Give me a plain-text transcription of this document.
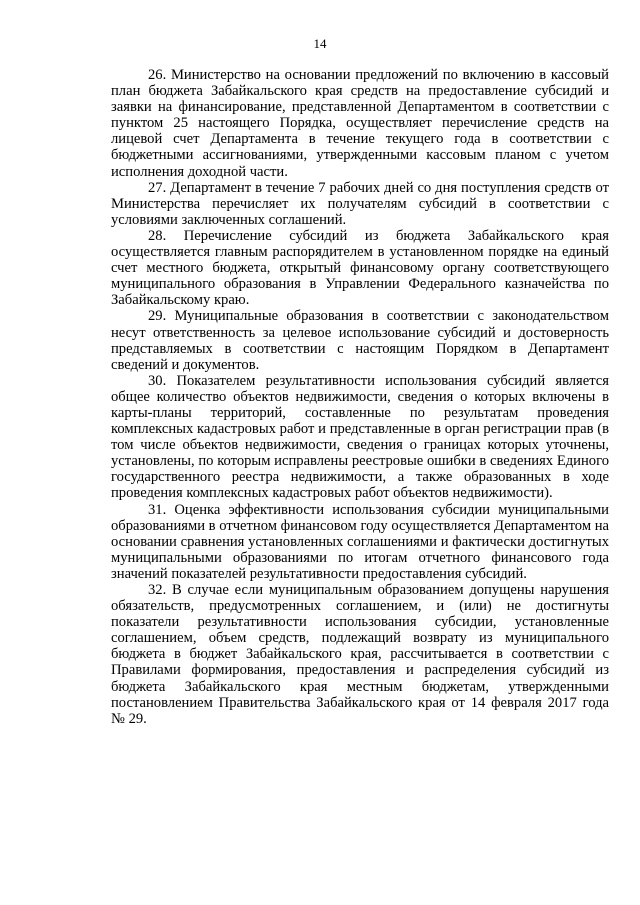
14

26. Министерство на основании предложений по включению в кассовый план бюджета Забайкальского края средств на предоставление субсидий и заявки на финансирование, представленной Департаментом в соответствии с пунктом 25 настоящего Порядка, осуществляет перечисление средств на лицевой счет Департамента в течение текущего года в соответствии с бюджетными ассигнованиями, утвержденными кассовым планом с учетом исполнения доходной части.

27. Департамент в течение 7 рабочих дней со дня поступления средств от Министерства перечисляет их получателям субсидий в соответствии с условиями заключенных соглашений.

28. Перечисление субсидий из бюджета Забайкальского края осуществляется главным распорядителем в установленном порядке на единый счет местного бюджета, открытый финансовому органу соответствующего муниципального образования в Управлении Федерального казначейства по Забайкальскому краю.

29. Муниципальные образования в соответствии с законодательством несут ответственность за целевое использование субсидий и достоверность представляемых в соответствии с настоящим Порядком в Департамент сведений и документов.

30. Показателем результативности использования субсидий является общее количество объектов недвижимости, сведения о которых включены в карты-планы территорий, составленные по результатам проведения комплексных кадастровых работ и представленные в орган регистрации прав (в том числе объектов недвижимости, сведения о границах которых уточнены, установлены, по которым исправлены реестровые ошибки в сведениях Единого государственного реестра недвижимости, а также образованных в ходе проведения комплексных кадастровых работ объектов недвижимости).

31. Оценка эффективности использования субсидии муниципальными образованиями в отчетном финансовом году осуществляется Департаментом на основании сравнения установленных соглашениями и фактически достигнутых муниципальными образованиями по итогам отчетного финансового года значений показателей результативности предоставления субсидий.

32. В случае если муниципальным образованием допущены нарушения обязательств, предусмотренных соглашением, и (или) не достигнуты показатели результативности использования субсидии, установленные соглашением, объем средств, подлежащий возврату из муниципального бюджета в бюджет Забайкальского края, рассчитывается в соответствии с Правилами формирования, предоставления и распределения субсидий из бюджета Забайкальского края местным бюджетам, утвержденными постановлением Правительства Забайкальского края от 14 февраля 2017 года № 29.
